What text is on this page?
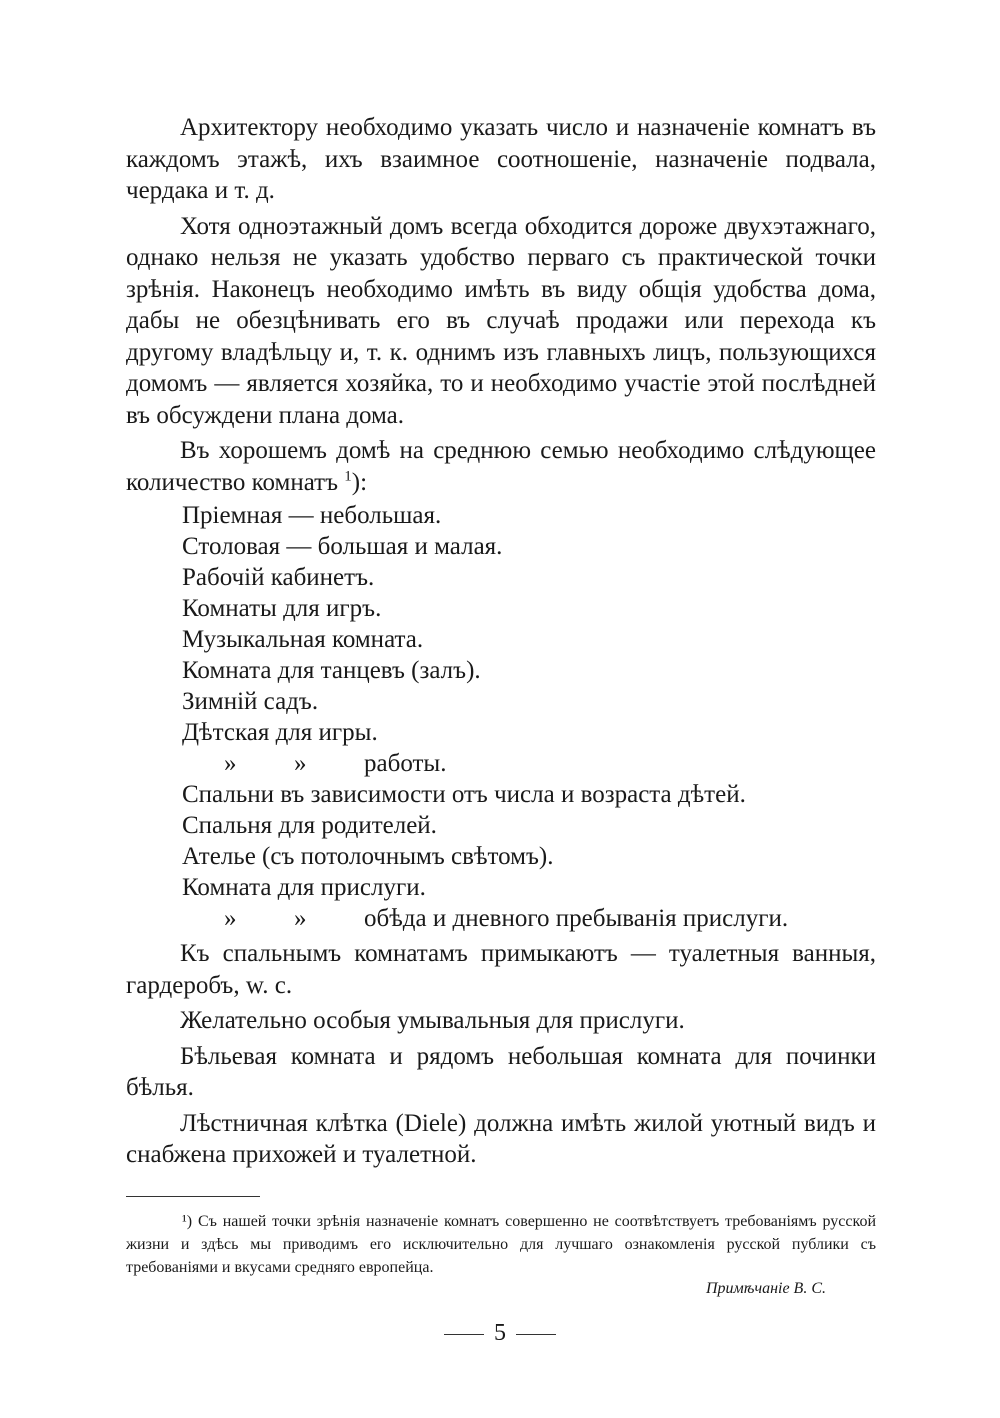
Архитектору необходимо указать число и назначенie комнатъ въ каждомъ этажѣ, ихъ взаимное соотношенie, назначенie подвала, чердака и т. д.

Хотя одноэтажный домъ всегда обходится дороже двухэтажнаго, однако нельзя не указать удобство перваго съ практической точки зрѣнiя. Наконецъ необходимо имѣть въ виду общiя удобства дома, дабы не обезцѣнивать его въ случаѣ продажи или перехода къ другому владѣльцу и, т. к. однимъ изъ главныхъ лицъ, пользующихся домомъ — является хозяйка, то и необходимо участie этой послѣдней въ обсуждени плана дома.

Въ хорошемъ домѣ на среднюю семью необходимо слѣдующее количество комнатъ $^1$):

Прiемная — небольшая.
Столовая — большая и малая.
Рабочiй кабинетъ.
Комнаты для игръ.
Музыкальная комната.
Комната для танцевъ (залъ).
Зимнiй садъ.
Дѣтская для игры.
» » работы.
Спальни въ зависимости отъ числа и возраста дѣтей.
Спальня для родителей.
Ателье (съ потолочнымъ свѣтомъ).
Комната для прислуги.
» » обѣда и дневного пребыванiя прислуги.

Къ спальнымъ комнатамъ примыкаютъ — туалетныя ванныя, гардеробъ, w. c.

Желательно особыя умывальныя для прислуги.

Бѣльевая комната и рядомъ небольшая комната для починки бѣлья.

Лѣстничная клѣтка (Diele) должна имѣть жилой уютный видъ и снабжена прихожей и туалетной.

¹) Съ нашей точки зрѣнiя назначенie комнатъ совершенно не соотвѣтствуетъ требованiямъ русской жизни и здѣсь мы приводимъ его исключительно для лучшаго ознакомленiя русской публики съ требованiями и вкусами средняго европейца.

Примѣчанie В. С.

5
